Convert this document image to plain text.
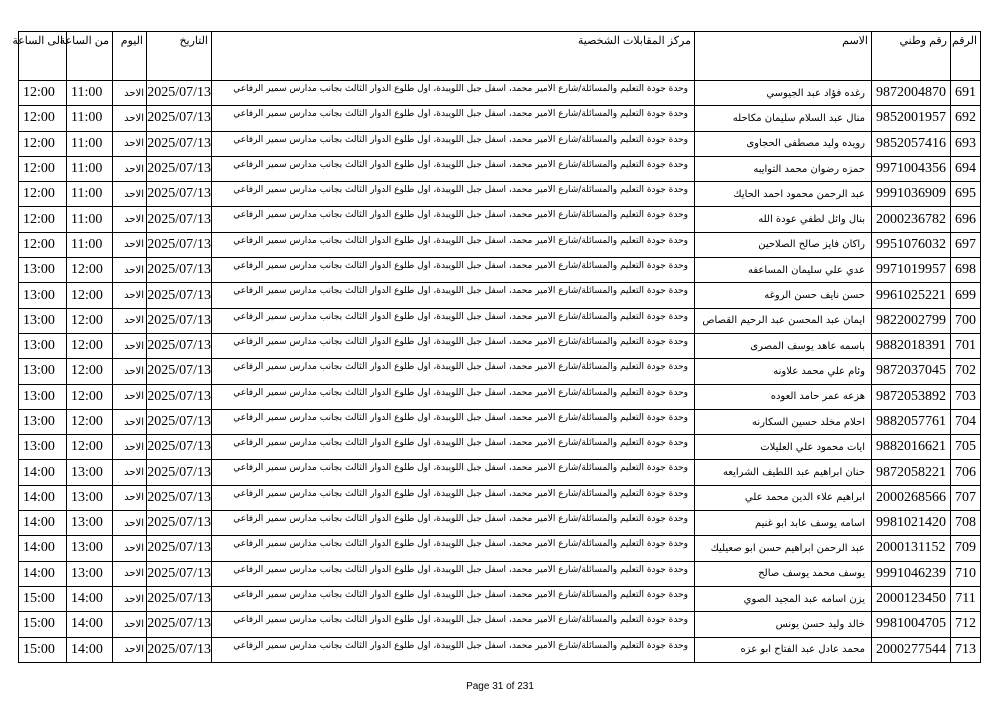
الرقم	رقم وطني	الاسم	مركز المقابلات الشخصية	التاريخ	اليوم	من الساعة	الى الساعة
691	9872004870	رغده فؤاد عبد الجيوسي	وحدة جودة التعليم والمسائلة/شارع الامير محمد، اسفل جبل اللويبدة، اول طلوع الدوار الثالث بجانب مدارس سمير الرفاعي	2025/07/13	الاحد	11:00	12:00
692	9852001957	منال عبد السلام سليمان مكاحله	وحدة جودة التعليم والمسائلة/شارع الامير محمد، اسفل جبل اللويبدة، اول طلوع الدوار الثالث بجانب مدارس سمير الرفاعي	2025/07/13	الاحد	11:00	12:00
693	9852057416	رويده وليد مصطفى الحجاوى	وحدة جودة التعليم والمسائلة/شارع الامير محمد، اسفل جبل اللويبدة، اول طلوع الدوار الثالث بجانب مدارس سمير الرفاعي	2025/07/13	الاحد	11:00	12:00
694	9971004356	حمزه رضوان محمد التوايبه	وحدة جودة التعليم والمسائلة/شارع الامير محمد، اسفل جبل اللويبدة، اول طلوع الدوار الثالث بجانب مدارس سمير الرفاعي	2025/07/13	الاحد	11:00	12:00
695	9991036909	عبد الرحمن محمود احمد الحايك	وحدة جودة التعليم والمسائلة/شارع الامير محمد، اسفل جبل اللويبدة، اول طلوع الدوار الثالث بجانب مدارس سمير الرفاعي	2025/07/13	الاحد	11:00	12:00
696	2000236782	بنال وائل لطفي عودة الله	وحدة جودة التعليم والمسائلة/شارع الامير محمد، اسفل جبل اللويبدة، اول طلوع الدوار الثالث بجانب مدارس سمير الرفاعي	2025/07/13	الاحد	11:00	12:00
697	9951076032	راكان فايز صالح الصلاحين	وحدة جودة التعليم والمسائلة/شارع الامير محمد، اسفل جبل اللويبدة، اول طلوع الدوار الثالث بجانب مدارس سمير الرفاعي	2025/07/13	الاحد	11:00	12:00
698	9971019957	عدي علي سليمان المساعفه	وحدة جودة التعليم والمسائلة/شارع الامير محمد، اسفل جبل اللويبدة، اول طلوع الدوار الثالث بجانب مدارس سمير الرفاعي	2025/07/13	الاحد	12:00	13:00
699	9961025221	حسن نايف حسن الروغه	وحدة جودة التعليم والمسائلة/شارع الامير محمد، اسفل جبل اللويبدة، اول طلوع الدوار الثالث بجانب مدارس سمير الرفاعي	2025/07/13	الاحد	12:00	13:00
700	9822002799	ايمان عبد المحسن عبد الرحيم القصاص	وحدة جودة التعليم والمسائلة/شارع الامير محمد، اسفل جبل اللويبدة، اول طلوع الدوار الثالث بجانب مدارس سمير الرفاعي	2025/07/13	الاحد	12:00	13:00
701	9882018391	باسمه عاهد يوسف المصرى	وحدة جودة التعليم والمسائلة/شارع الامير محمد، اسفل جبل اللويبدة، اول طلوع الدوار الثالث بجانب مدارس سمير الرفاعي	2025/07/13	الاحد	12:00	13:00
702	9872037045	وئام علي محمد علاونه	وحدة جودة التعليم والمسائلة/شارع الامير محمد، اسفل جبل اللويبدة، اول طلوع الدوار الثالث بجانب مدارس سمير الرفاعي	2025/07/13	الاحد	12:00	13:00
703	9872053892	هزعه عمر حامد العوده	وحدة جودة التعليم والمسائلة/شارع الامير محمد، اسفل جبل اللويبدة، اول طلوع الدوار الثالث بجانب مدارس سمير الرفاعي	2025/07/13	الاحد	12:00	13:00
704	9882057761	احلام مخلد حسين السكارنه	وحدة جودة التعليم والمسائلة/شارع الامير محمد، اسفل جبل اللويبدة، اول طلوع الدوار الثالث بجانب مدارس سمير الرفاعي	2025/07/13	الاحد	12:00	13:00
705	9882016621	ايات محمود علي العليلات	وحدة جودة التعليم والمسائلة/شارع الامير محمد، اسفل جبل اللويبدة، اول طلوع الدوار الثالث بجانب مدارس سمير الرفاعي	2025/07/13	الاحد	12:00	13:00
706	9872058221	حنان ابراهيم عبد اللطيف الشرايعه	وحدة جودة التعليم والمسائلة/شارع الامير محمد، اسفل جبل اللويبدة، اول طلوع الدوار الثالث بجانب مدارس سمير الرفاعي	2025/07/13	الاحد	13:00	14:00
707	2000268566	ابراهيم علاء الدين محمد علي	وحدة جودة التعليم والمسائلة/شارع الامير محمد، اسفل جبل اللويبدة، اول طلوع الدوار الثالث بجانب مدارس سمير الرفاعي	2025/07/13	الاحد	13:00	14:00
708	9981021420	اسامه يوسف عابد ابو غنيم	وحدة جودة التعليم والمسائلة/شارع الامير محمد، اسفل جبل اللويبدة، اول طلوع الدوار الثالث بجانب مدارس سمير الرفاعي	2025/07/13	الاحد	13:00	14:00
709	2000131152	عبد الرحمن ابراهيم حسن ابو صعيليك	وحدة جودة التعليم والمسائلة/شارع الامير محمد، اسفل جبل اللويبدة، اول طلوع الدوار الثالث بجانب مدارس سمير الرفاعي	2025/07/13	الاحد	13:00	14:00
710	9991046239	يوسف محمد يوسف صالح	وحدة جودة التعليم والمسائلة/شارع الامير محمد، اسفل جبل اللويبدة، اول طلوع الدوار الثالث بجانب مدارس سمير الرفاعي	2025/07/13	الاحد	13:00	14:00
711	2000123450	يزن اسامه عبد المجيد الصوي	وحدة جودة التعليم والمسائلة/شارع الامير محمد، اسفل جبل اللويبدة، اول طلوع الدوار الثالث بجانب مدارس سمير الرفاعي	2025/07/13	الاحد	14:00	15:00
712	9981004705	خالد وليد حسن يونس	وحدة جودة التعليم والمسائلة/شارع الامير محمد، اسفل جبل اللويبدة، اول طلوع الدوار الثالث بجانب مدارس سمير الرفاعي	2025/07/13	الاحد	14:00	15:00
713	2000277544	محمد عادل عبد الفتاح ابو عزه	وحدة جودة التعليم والمسائلة/شارع الامير محمد، اسفل جبل اللويبدة، اول طلوع الدوار الثالث بجانب مدارس سمير الرفاعي	2025/07/13	الاحد	14:00	15:00
Page 31 of 231
